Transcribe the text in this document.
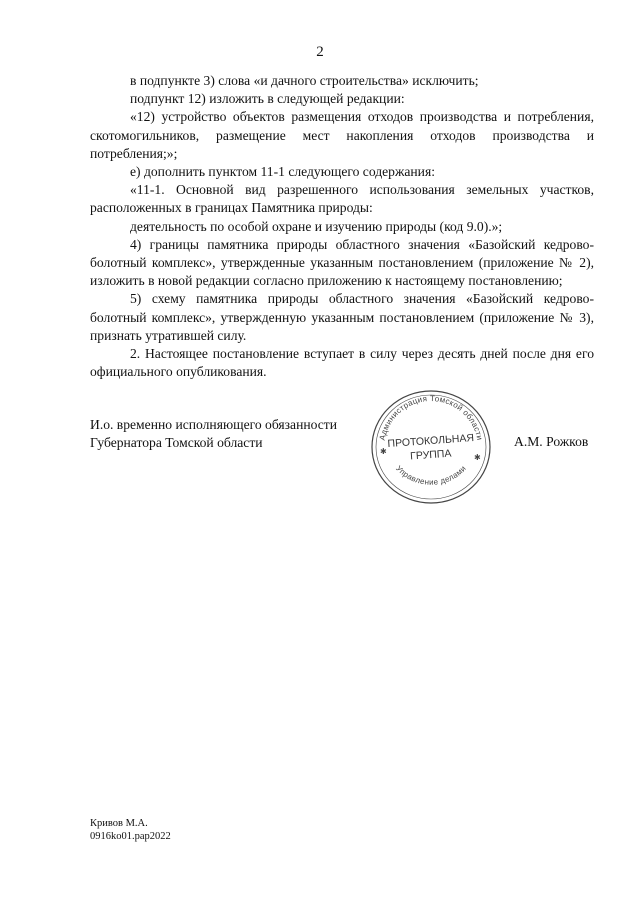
2

в подпункте 3) слова «и дачного строительства» исключить;

подпункт 12) изложить в следующей редакции:

«12) устройство объектов размещения отходов производства и потребления, скотомогильников, размещение мест накопления отходов производства и потребления;»;

е) дополнить пунктом 11-1 следующего содержания:

«11-1. Основной вид разрешенного использования земельных участков, расположенных в границах Памятника природы:

деятельность по особой охране и изучению природы (код 9.0).»;

4) границы памятника природы областного значения «Базойский кедрово-болотный комплекс», утвержденные указанным постановлением (приложение № 2), изложить в новой редакции согласно приложению к настоящему постановлению;

5) схему памятника природы областного значения «Базойский кедрово-болотный комплекс», утвержденную указанным постановлением (приложение № 3), признать утратившей силу.

2. Настоящее постановление вступает в силу через десять дней после дня его официального опубликования.

И.о. временно исполняющего обязанности
Губернатора Томской области	А.М. Рожков
Администрация Томской области
Управление делами
ПРОТОКОЛЬНАЯ
ГРУППА
✱
✱
Кривов М.А.
0916ko01.pap2022
